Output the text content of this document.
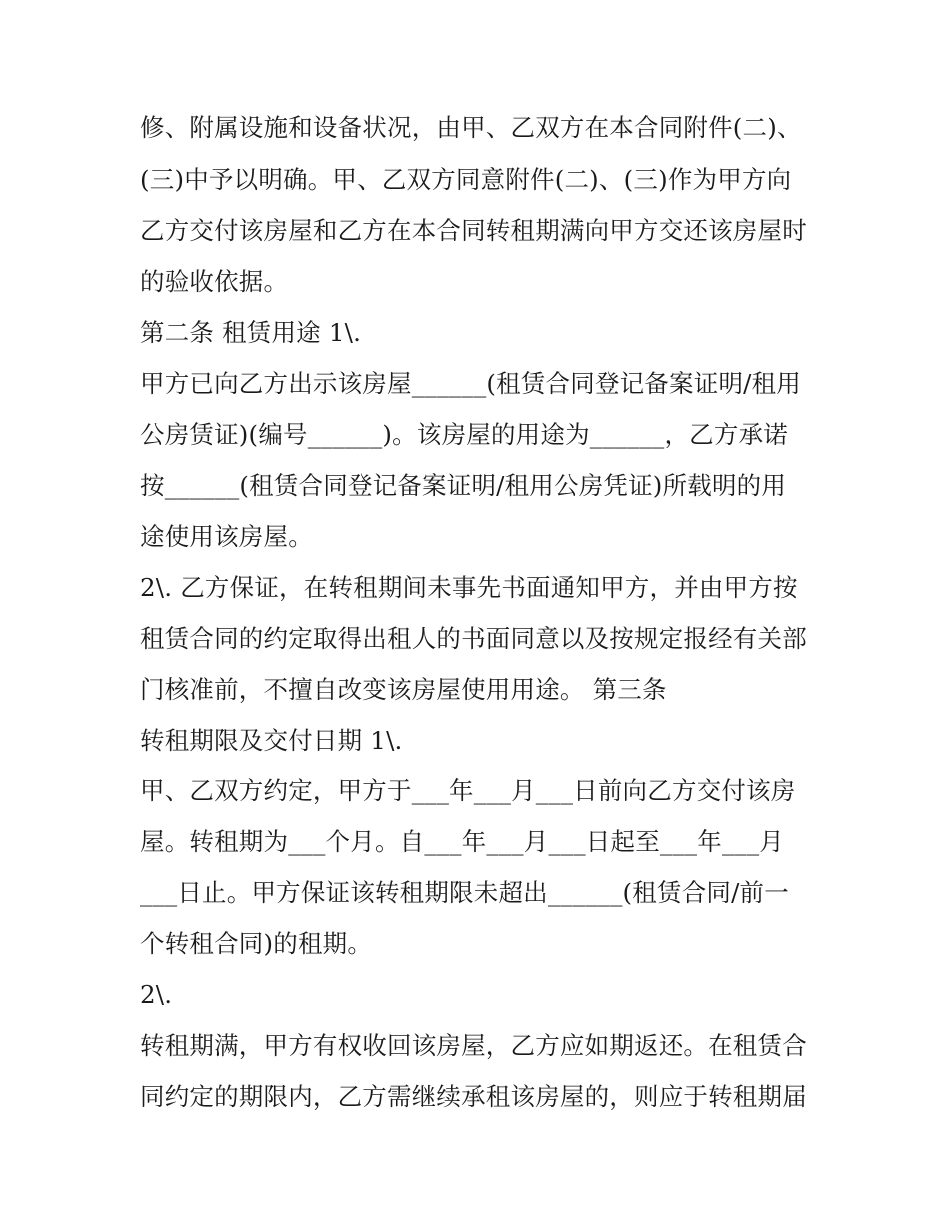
修、附属设施和设备状况，由甲、乙双方在本合同附件(二)、
(三)中予以明确。甲、乙双方同意附件(二)、(三)作为甲方向
乙方交付该房屋和乙方在本合同转租期满向甲方交还该房屋时
的验收依据。
第二条 租赁用途 1\.
甲方已向乙方出示该房屋______(租赁合同登记备案证明/租用
公房赁证)(编号______)。该房屋的用途为______，乙方承诺
按______(租赁合同登记备案证明/租用公房凭证)所载明的用
途使用该房屋。
2\. 乙方保证，在转租期间未事先书面通知甲方，并由甲方按
租赁合同的约定取得出租人的书面同意以及按规定报经有关部
门核准前，不擅自改变该房屋使用用途。 第三条
转租期限及交付日期 1\.
甲、乙双方约定，甲方于___年___月___日前向乙方交付该房
屋。转租期为___个月。自___年___月___日起至___年___月
___日止。甲方保证该转租期限未超出______(租赁合同/前一
个转租合同)的租期。
2\.
转租期满，甲方有权收回该房屋，乙方应如期返还。在租赁合
同约定的期限内，乙方需继续承租该房屋的，则应于转租期届
